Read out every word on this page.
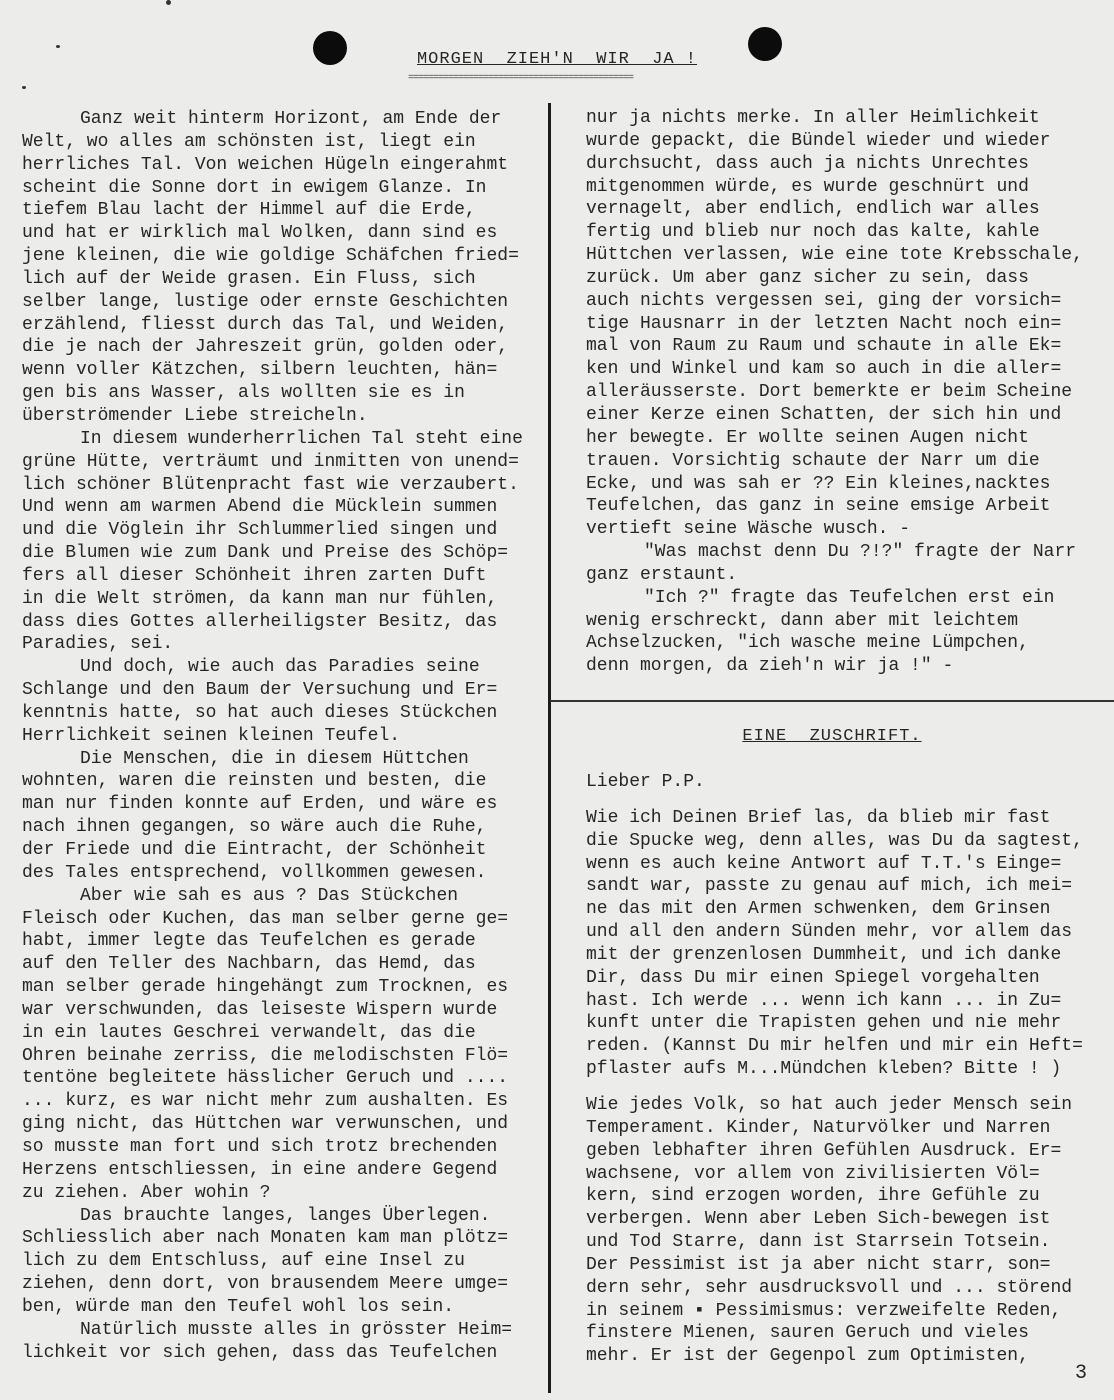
MORGEN  ZIEH'N  WIR  JA !
=============================================
Ganz weit hinterm Horizont, am Ende der
Welt, wo alles am schönsten ist, liegt ein
herrliches Tal. Von weichen Hügeln eingerahmt
scheint die Sonne dort in ewigem Glanze. In
tiefem Blau lacht der Himmel auf die Erde,
und hat er wirklich mal Wolken, dann sind es
jene kleinen, die wie goldige Schäfchen fried=
lich auf der Weide grasen. Ein Fluss, sich
selber lange, lustige oder ernste Geschichten
erzählend, fliesst durch das Tal, und Weiden,
die je nach der Jahreszeit grün, golden oder,
wenn voller Kätzchen, silbern leuchten, hän=
gen bis ans Wasser, als wollten sie es in
überströmender Liebe streicheln.
In diesem wunderherrlichen Tal steht eine
grüne Hütte, verträumt und inmitten von unend=
lich schöner Blütenpracht fast wie verzaubert.
Und wenn am warmen Abend die Mücklein summen
und die Vöglein ihr Schlummerlied singen und
die Blumen wie zum Dank und Preise des Schöp=
fers all dieser Schönheit ihren zarten Duft
in die Welt strömen, da kann man nur fühlen,
dass dies Gottes allerheiligster Besitz, das
Paradies, sei.
Und doch, wie auch das Paradies seine
Schlange und den Baum der Versuchung und Er=
kenntnis hatte, so hat auch dieses Stückchen
Herrlichkeit seinen kleinen Teufel.
Die Menschen, die in diesem Hüttchen
wohnten, waren die reinsten und besten, die
man nur finden konnte auf Erden, und wäre es
nach ihnen gegangen, so wäre auch die Ruhe,
der Friede und die Eintracht, der Schönheit
des Tales entsprechend, vollkommen gewesen.
Aber wie sah es aus ? Das Stückchen
Fleisch oder Kuchen, das man selber gerne ge=
habt, immer legte das Teufelchen es gerade
auf den Teller des Nachbarn, das Hemd, das
man selber gerade hingehängt zum Trocknen, es
war verschwunden, das leiseste Wispern wurde
in ein lautes Geschrei verwandelt, das die
Ohren beinahe zerriss, die melodischsten Flö=
tentöne begleitete hässlicher Geruch und ....
... kurz, es war nicht mehr zum aushalten. Es
ging nicht, das Hüttchen war verwunschen, und
so musste man fort und sich trotz brechenden
Herzens entschliessen, in eine andere Gegend
zu ziehen. Aber wohin ?
Das brauchte langes, langes Überlegen.
Schliesslich aber nach Monaten kam man plötz=
lich zu dem Entschluss, auf eine Insel zu
ziehen, denn dort, von brausendem Meere umge=
ben, würde man den Teufel wohl los sein.
Natürlich musste alles in grösster Heim=
lichkeit vor sich gehen, dass das Teufelchen
nur ja nichts merke. In aller Heimlichkeit
wurde gepackt, die Bündel wieder und wieder
durchsucht, dass auch ja nichts Unrechtes
mitgenommen würde, es wurde geschnürt und
vernagelt, aber endlich, endlich war alles
fertig und blieb nur noch das kalte, kahle
Hüttchen verlassen, wie eine tote Krebsschale,
zurück. Um aber ganz sicher zu sein, dass
auch nichts vergessen sei, ging der vorsich=
tige Hausnarr in der letzten Nacht noch ein=
mal von Raum zu Raum und schaute in alle Ek=
ken und Winkel und kam so auch in die aller=
alleräusserste. Dort bemerkte er beim Scheine
einer Kerze einen Schatten, der sich hin und
her bewegte. Er wollte seinen Augen nicht
trauen. Vorsichtig schaute der Narr um die
Ecke, und was sah er ?? Ein kleines,nacktes
Teufelchen, das ganz in seine emsige Arbeit
vertieft seine Wäsche wusch. -
"Was machst denn Du ?!?" fragte der Narr
ganz erstaunt.
"Ich ?" fragte das Teufelchen erst ein
wenig erschreckt, dann aber mit leichtem
Achselzucken, "ich wasche meine Lümpchen,
denn morgen, da zieh'n wir ja !" -
EINE  ZUSCHRIFT.
Lieber P.P.
Wie ich Deinen Brief las, da blieb mir fast
die Spucke weg, denn alles, was Du da sagtest,
wenn es auch keine Antwort auf T.T.'s Einge=
sandt war, passte zu genau auf mich, ich mei=
ne das mit den Armen schwenken, dem Grinsen
und all den andern Sünden mehr, vor allem das
mit der grenzenlosen Dummheit, und ich danke
Dir, dass Du mir einen Spiegel vorgehalten
hast. Ich werde ... wenn ich kann ... in Zu=
kunft unter die Trapisten gehen und nie mehr
reden. (Kannst Du mir helfen und mir ein Heft=
pflaster aufs M...Mündchen kleben? Bitte ! )
Wie jedes Volk, so hat auch jeder Mensch sein
Temperament. Kinder, Naturvölker und Narren
geben lebhafter ihren Gefühlen Ausdruck. Er=
wachsene, vor allem von zivilisierten Völ=
kern, sind erzogen worden, ihre Gefühle zu
verbergen. Wenn aber Leben Sich-bewegen ist
und Tod Starre, dann ist Starrsein Totsein.
Der Pessimist ist ja aber nicht starr, son=
dern sehr, sehr ausdrucksvoll und ... störend
in seinem ▪ Pessimismus: verzweifelte Reden,
finstere Mienen, sauren Geruch und vieles
mehr. Er ist der Gegenpol zum Optimisten,
3
